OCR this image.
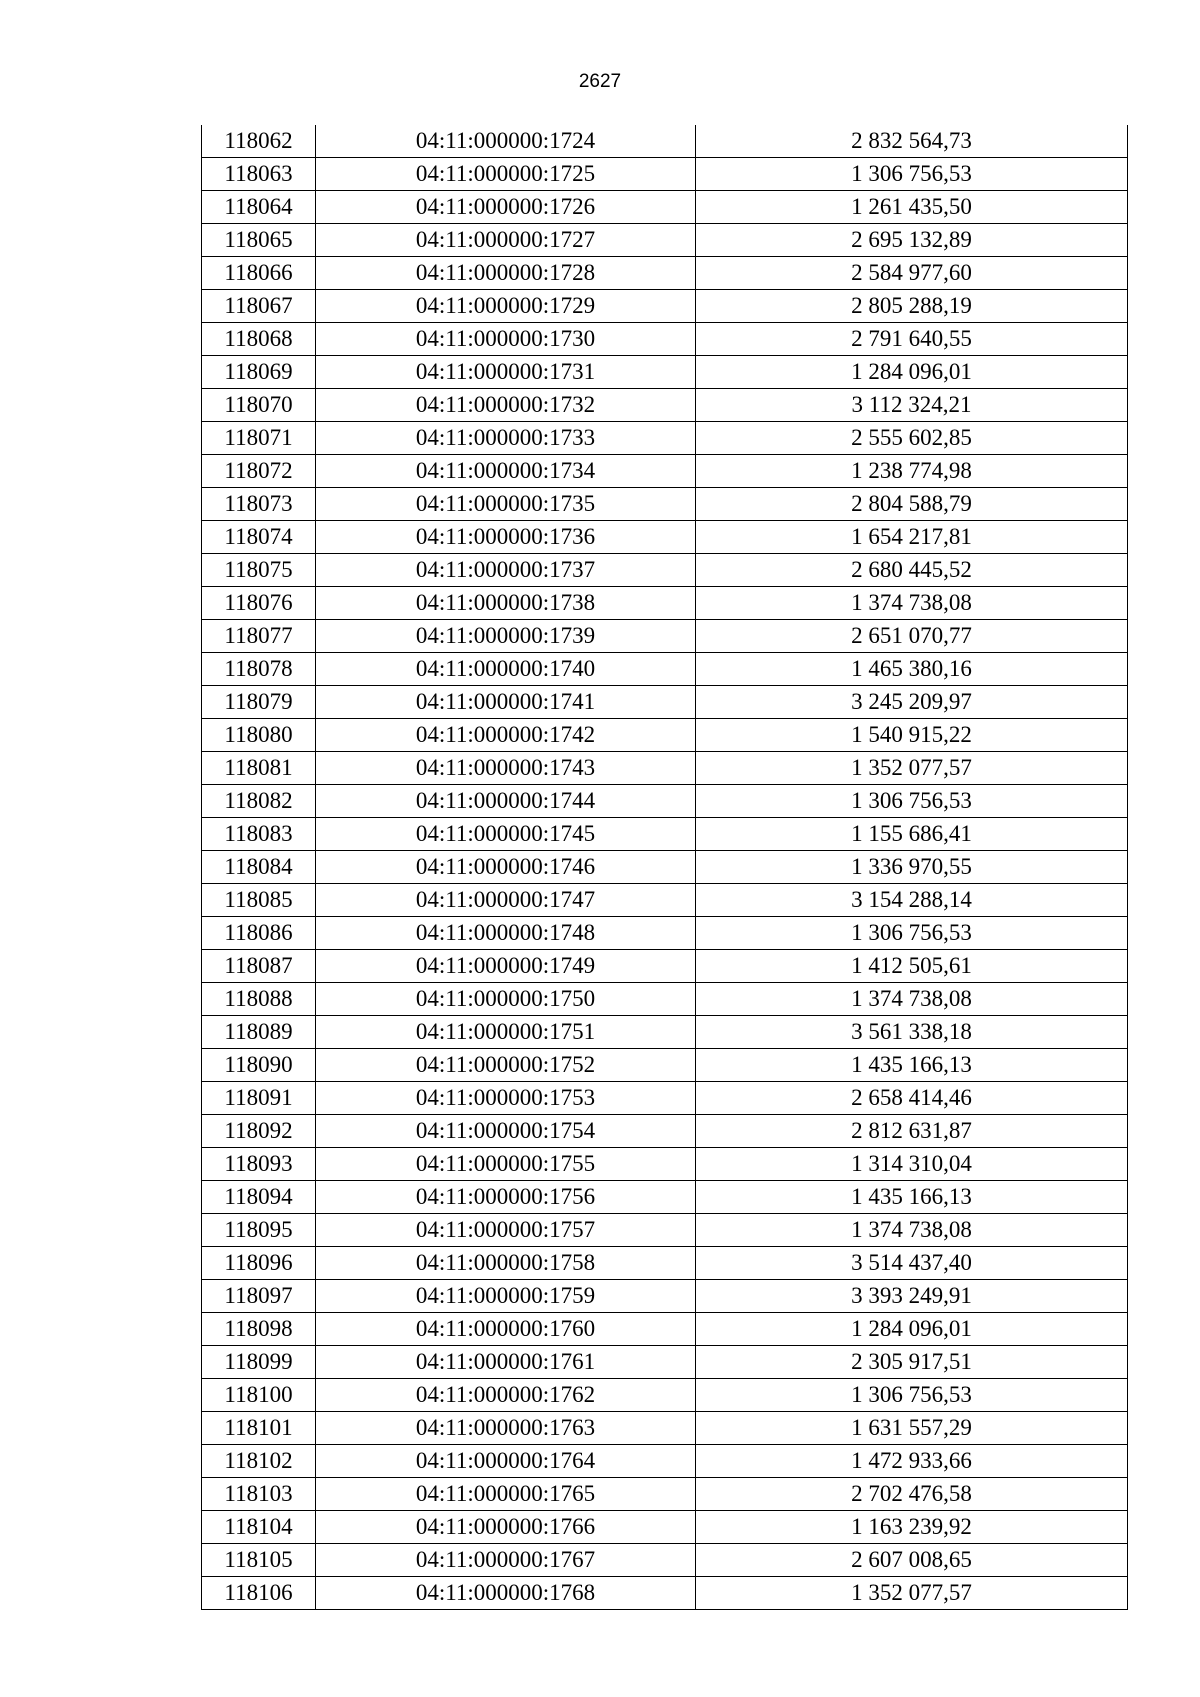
2627
118062	04:11:000000:1724	2 832 564,73
118063	04:11:000000:1725	1 306 756,53
118064	04:11:000000:1726	1 261 435,50
118065	04:11:000000:1727	2 695 132,89
118066	04:11:000000:1728	2 584 977,60
118067	04:11:000000:1729	2 805 288,19
118068	04:11:000000:1730	2 791 640,55
118069	04:11:000000:1731	1 284 096,01
118070	04:11:000000:1732	3 112 324,21
118071	04:11:000000:1733	2 555 602,85
118072	04:11:000000:1734	1 238 774,98
118073	04:11:000000:1735	2 804 588,79
118074	04:11:000000:1736	1 654 217,81
118075	04:11:000000:1737	2 680 445,52
118076	04:11:000000:1738	1 374 738,08
118077	04:11:000000:1739	2 651 070,77
118078	04:11:000000:1740	1 465 380,16
118079	04:11:000000:1741	3 245 209,97
118080	04:11:000000:1742	1 540 915,22
118081	04:11:000000:1743	1 352 077,57
118082	04:11:000000:1744	1 306 756,53
118083	04:11:000000:1745	1 155 686,41
118084	04:11:000000:1746	1 336 970,55
118085	04:11:000000:1747	3 154 288,14
118086	04:11:000000:1748	1 306 756,53
118087	04:11:000000:1749	1 412 505,61
118088	04:11:000000:1750	1 374 738,08
118089	04:11:000000:1751	3 561 338,18
118090	04:11:000000:1752	1 435 166,13
118091	04:11:000000:1753	2 658 414,46
118092	04:11:000000:1754	2 812 631,87
118093	04:11:000000:1755	1 314 310,04
118094	04:11:000000:1756	1 435 166,13
118095	04:11:000000:1757	1 374 738,08
118096	04:11:000000:1758	3 514 437,40
118097	04:11:000000:1759	3 393 249,91
118098	04:11:000000:1760	1 284 096,01
118099	04:11:000000:1761	2 305 917,51
118100	04:11:000000:1762	1 306 756,53
118101	04:11:000000:1763	1 631 557,29
118102	04:11:000000:1764	1 472 933,66
118103	04:11:000000:1765	2 702 476,58
118104	04:11:000000:1766	1 163 239,92
118105	04:11:000000:1767	2 607 008,65
118106	04:11:000000:1768	1 352 077,57
